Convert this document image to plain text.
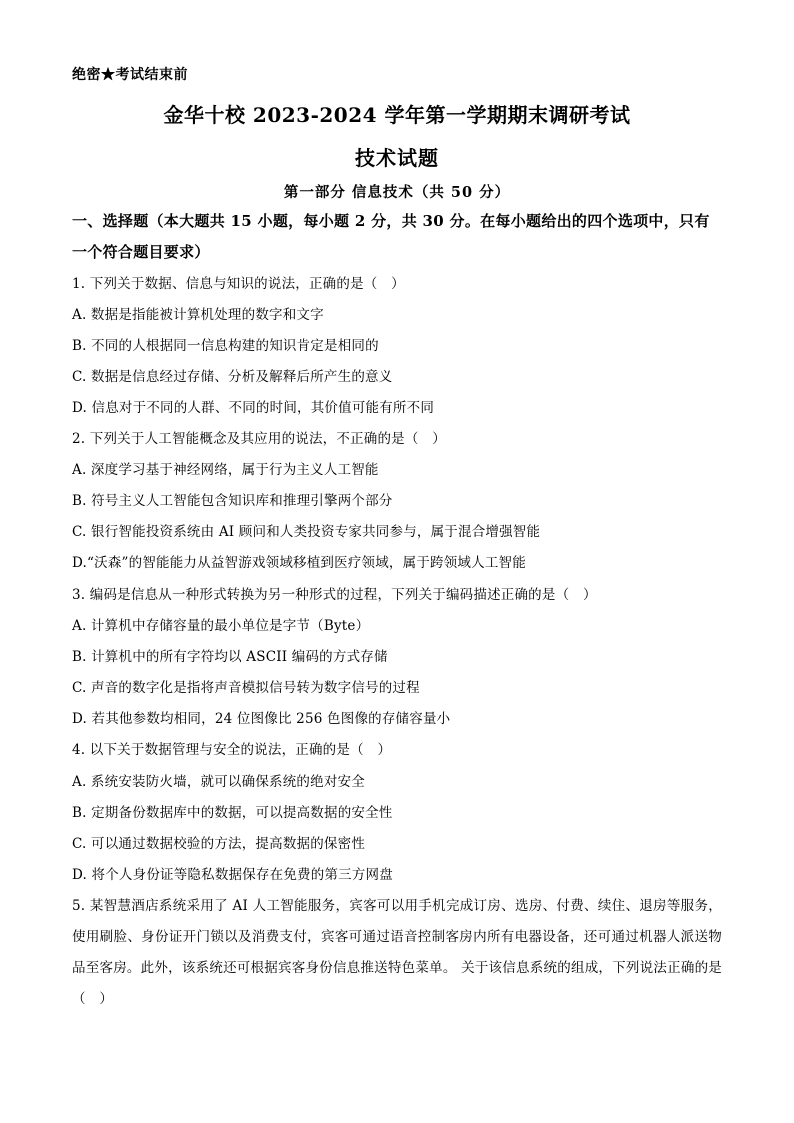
绝密★考试结束前
金华十校 2023-2024 学年第一学期期末调研考试
技术试题
第一部分 信息技术（共 50 分）
一、选择题（本大题共 15 小题，每小题 2 分，共 30 分。在每小题给出的四个选项中，只有一个符合题目要求）
1. 下列关于数据、信息与知识的说法，正确的是（　）
A. 数据是指能被计算机处理的数字和文字
B. 不同的人根据同一信息构建的知识肯定是相同的
C. 数据是信息经过存储、分析及解释后所产生的意义
D. 信息对于不同的人群、不同的时间，其价值可能有所不同
2. 下列关于人工智能概念及其应用的说法，不正确的是（　）
A. 深度学习基于神经网络，属于行为主义人工智能
B. 符号主义人工智能包含知识库和推理引擎两个部分
C. 银行智能投资系统由 AI 顾问和人类投资专家共同参与，属于混合增强智能
D.“沃森”的智能能力从益智游戏领域移植到医疗领域，属于跨领域人工智能
3. 编码是信息从一种形式转换为另一种形式的过程，下列关于编码描述正确的是（　）
A. 计算机中存储容量的最小单位是字节（Byte）
B. 计算机中的所有字符均以 ASCII 编码的方式存储
C. 声音的数字化是指将声音模拟信号转为数字信号的过程
D. 若其他参数均相同，24 位图像比 256 色图像的存储容量小
4. 以下关于数据管理与安全的说法，正确的是（　）
A. 系统安装防火墙，就可以确保系统的绝对安全
B. 定期备份数据库中的数据，可以提高数据的安全性
C. 可以通过数据校验的方法，提高数据的保密性
D. 将个人身份证等隐私数据保存在免费的第三方网盘
5. 某智慧酒店系统采用了 AI 人工智能服务，宾客可以用手机完成订房、选房、付费、续住、退房等服务，使用刷脸、身份证开门锁以及消费支付，宾客可通过语音控制客房内所有电器设备，还可通过机器人派送物品至客房。此外，该系统还可根据宾客身份信息推送特色菜单。 关于该信息系统的组成，下列说法正确的是（　）
